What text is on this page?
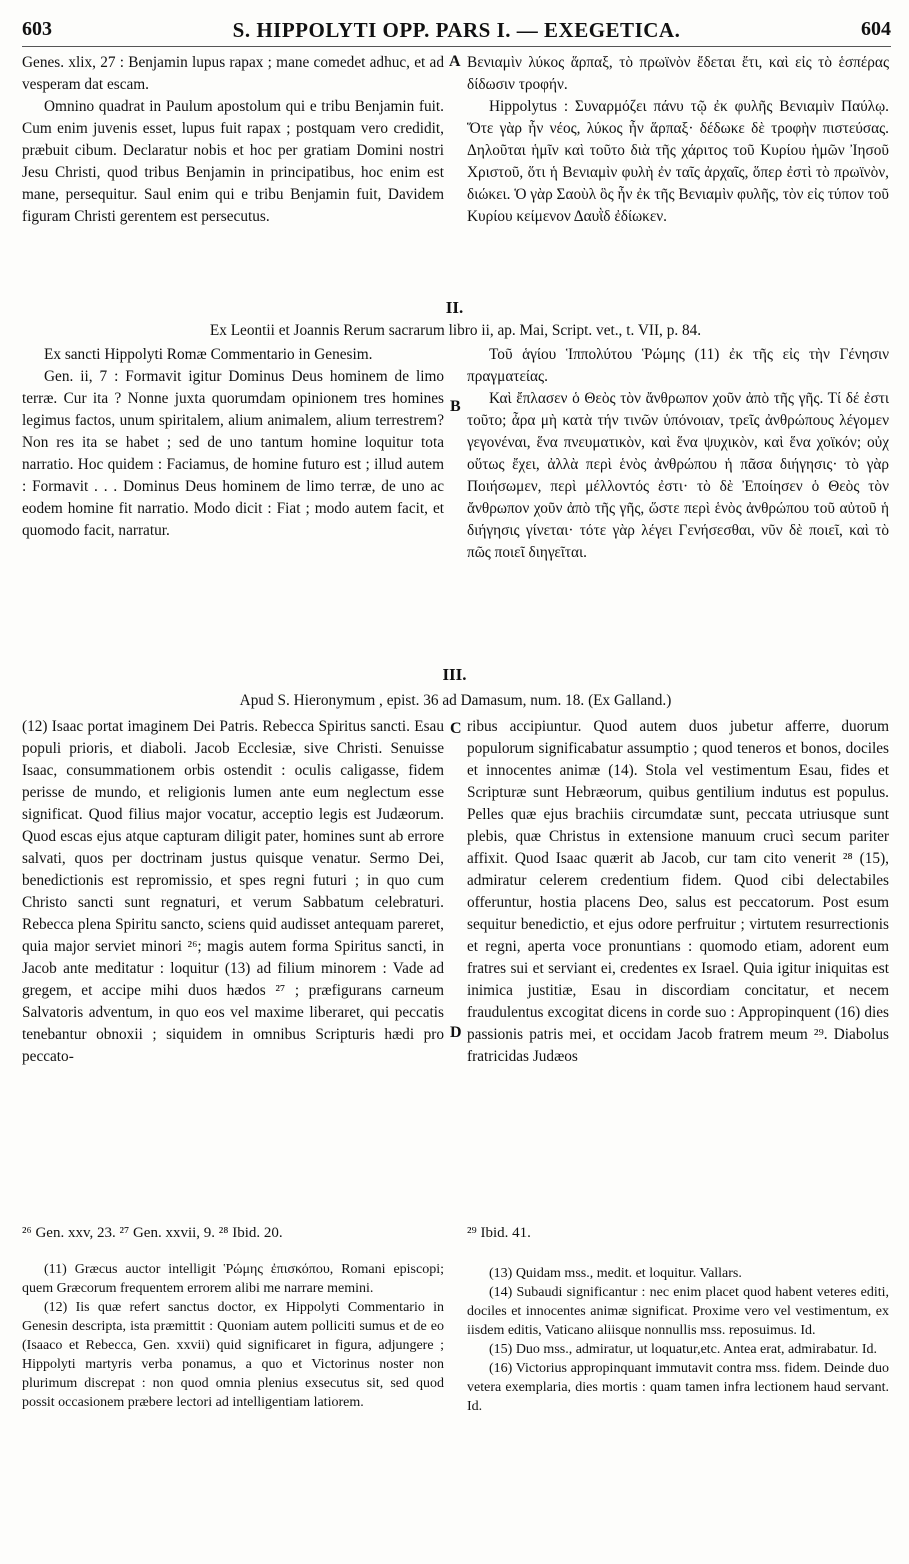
603	S. HIPPOLYTI OPP. PARS I. — EXEGETICA.	604

Genes. xlix, 27 : Benjamin lupus rapax ; mane comedet adhuc, et ad vesperam dat escam.

Omnino quadrat in Paulum apostolum qui e tribu Benjamin fuit. Cum enim juvenis esset, lupus fuit rapax ; postquam vero credidit, præbuit cibum. Declaratur nobis et hoc per gratiam Domini nostri Jesu Christi, quod tribus Benjamin in principatibus, hoc enim est mane, persequitur. Saul enim qui e tribu Benjamin fuit, Davidem figuram Christi gerentem est persecutus.

A Βενιαμὶν λύκος ἅρπαξ, τὸ πρωϊνὸν ἔδεται ἔτι, καὶ εἰς τὸ ἑσπέρας δίδωσιν τροφήν.

Hippolytus : Συναρμόζει πάνυ τῷ ἐκ φυλῆς Βενιαμὶν Παύλῳ. Ὅτε γὰρ ἦν νέος, λύκος ἦν ἅρπαξ· δέδωκε δὲ τροφὴν πιστεύσας. Δηλοῦται ἡμῖν καὶ τοῦτο διὰ τῆς χάριτος τοῦ Κυρίου ἡμῶν Ἰησοῦ Χριστοῦ, ὅτι ἡ Βενιαμὶν φυλὴ ἐν ταῖς ἀρχαῖς, ὅπερ ἐστὶ τὸ πρωϊνὸν, διώκει. Ὁ γὰρ Σαοὺλ ὃς ἦν ἐκ τῆς Βενιαμὶν φυλῆς, τὸν εἰς τύπον τοῦ Κυρίου κείμενον Δαυῒδ ἐδίωκεν.

II.
Ex Leontii et Joannis Rerum sacrarum libro ii, ap. Mai, Script. vet., t. VII, p. 84.

Ex sancti Hippolyti Romæ Commentario in Genesim.

Gen. ii, 7 : Formavit igitur Dominus Deus hominem de limo terræ. Cur ita ? Nonne juxta quorumdam opinionem tres homines legimus factos, unum spiritalem, alium animalem, alium terrestrem? Non res ita se habet ; sed de uno tantum homine loquitur tota narratio. Hoc quidem : Faciamus, de homine futuro est ; illud autem : Formavit . . . Dominus Deus hominem de limo terræ, de uno ac eodem homine fit narratio. Modo dicit : Fiat ; modo autem facit, et quomodo facit, narratur.

B

Τοῦ ἁγίου Ἱππολύτου Ῥώμης (11) ἐκ τῆς εἰς τὴν Γένησιν πραγματείας.

Καὶ ἔπλασεν ὁ Θεὸς τὸν ἄνθρωπον χοῦν ἀπὸ τῆς γῆς. Τί δέ ἐστι τοῦτο; ἆρα μὴ κατὰ τήν τινῶν ὑπόνοιαν, τρεῖς ἀνθρώπους λέγομεν γεγονέναι, ἕνα πνευματικὸν, καὶ ἕνα ψυχικὸν, καὶ ἕνα χοϊκόν; οὐχ οὕτως ἔχει, ἀλλὰ περὶ ἑνὸς ἀνθρώπου ἡ πᾶσα διήγησις· τὸ γὰρ Ποιήσωμεν, περὶ μέλλοντός ἐστι· τὸ δὲ Ἐποίησεν ὁ Θεὸς τὸν ἄνθρωπον χοῦν ἀπὸ τῆς γῆς, ὥστε περὶ ἑνὸς ἀνθρώπου τοῦ αὐτοῦ ἡ διήγησις γίνεται· τότε γὰρ λέγει Γενήσεσθαι, νῦν δὲ ποιεῖ, καὶ τὸ πῶς ποιεῖ διηγεῖται.

III.
Apud S. Hieronymum , epist. 36 ad Damasum, num. 18. (Ex Galland.)

(12) Isaac portat imaginem Dei Patris. Rebecca Spiritus sancti. Esau populi prioris, et diaboli. Jacob Ecclesiæ, sive Christi. Senuisse Isaac, consummationem orbis ostendit : oculis caligasse, fidem perisse de mundo, et religionis lumen ante eum neglectum esse significat. Quod filius major vocatur, acceptio legis est Judæorum. Quod escas ejus atque capturam diligit pater, homines sunt ab errore salvati, quos per doctrinam justus quisque venatur. Sermo Dei, benedictionis est repromissio, et spes regni futuri ; in quo cum Christo sancti sunt regnaturi, et verum Sabbatum celebraturi. Rebecca plena Spiritu sancto, sciens quid audisset antequam pareret, quia major serviet minori ²⁶; magis autem forma Spiritus sancti, in Jacob ante meditatur : loquitur (13) ad filium minorem : Vade ad gregem, et accipe mihi duos hædos ²⁷ ; præfigurans carneum Salvatoris adventum, in quo eos vel maxime liberaret, qui peccatis tenebantur obnoxii ; siquidem in omnibus Scripturis hædi pro peccato-

C
D

ribus accipiuntur. Quod autem duos jubetur afferre, duorum populorum significabatur assumptio ; quod teneros et bonos, dociles et innocentes animæ (14). Stola vel vestimentum Esau, fides et Scripturæ sunt Hebræorum, quibus gentilium indutus est populus. Pelles quæ ejus brachiis circumdatæ sunt, peccata utriusque sunt plebis, quæ Christus in extensione manuum crucì secum pariter affixit. Quod Isaac quærit ab Jacob, cur tam cito venerit ²⁸ (15), admiratur celerem credentium fidem. Quod cibi delectabiles offeruntur, hostia placens Deo, salus est peccatorum. Post esum sequitur benedictio, et ejus odore perfruitur ; virtutem resurrectionis et regni, aperta voce pronuntians : quomodo etiam, adorent eum fratres sui et serviant ei, credentes ex Israel. Quia igitur iniquitas est inimica justitiæ, Esau in discordiam concitatur, et necem fraudulentus excogitat dicens in corde suo : Appropinquent (16) dies passionis patris mei, et occidam Jacob fratrem meum ²⁹. Diabolus fratricidas Judæos

²⁶ Gen. xxv, 23. ²⁷ Gen. xxvii, 9. ²⁸ Ibid. 20.	²⁹ Ibid. 41.

(11) Græcus auctor intelligit Ῥώμης ἐπισκόπου, Romani episcopi; quem Græcorum frequentem errorem alibi me narrare memini.

(12) Iis quæ refert sanctus doctor, ex Hippolyti Commentario in Genesin descripta, ista præmittit : Quoniam autem polliciti sumus et de eo (Isaaco et Rebecca, Gen. xxvii) quid significaret in figura, adjungere ; Hippolyti martyris verba ponamus, a quo et Victorinus noster non plurimum discrepat : non quod omnia plenius exsecutus sit, sed quod possit occasionem præbere lectori ad intelligentiam latiorem.

(13) Quidam mss., medit. et loquitur. Vallars.

(14) Subaudi significantur : nec enim placet quod habent veteres editi, dociles et innocentes animæ significat. Proxime vero vel vestimentum, ex iisdem editis, Vaticano aliisque nonnullis mss. reposuimus. Id.

(15) Duo mss., admiratur, ut loquatur,etc. Antea erat, admirabatur. Id.

(16) Victorius appropinquant immutavit contra mss. fidem. Deinde duo vetera exemplaria, dies mortis : quam tamen infra lectionem haud servant. Id.
